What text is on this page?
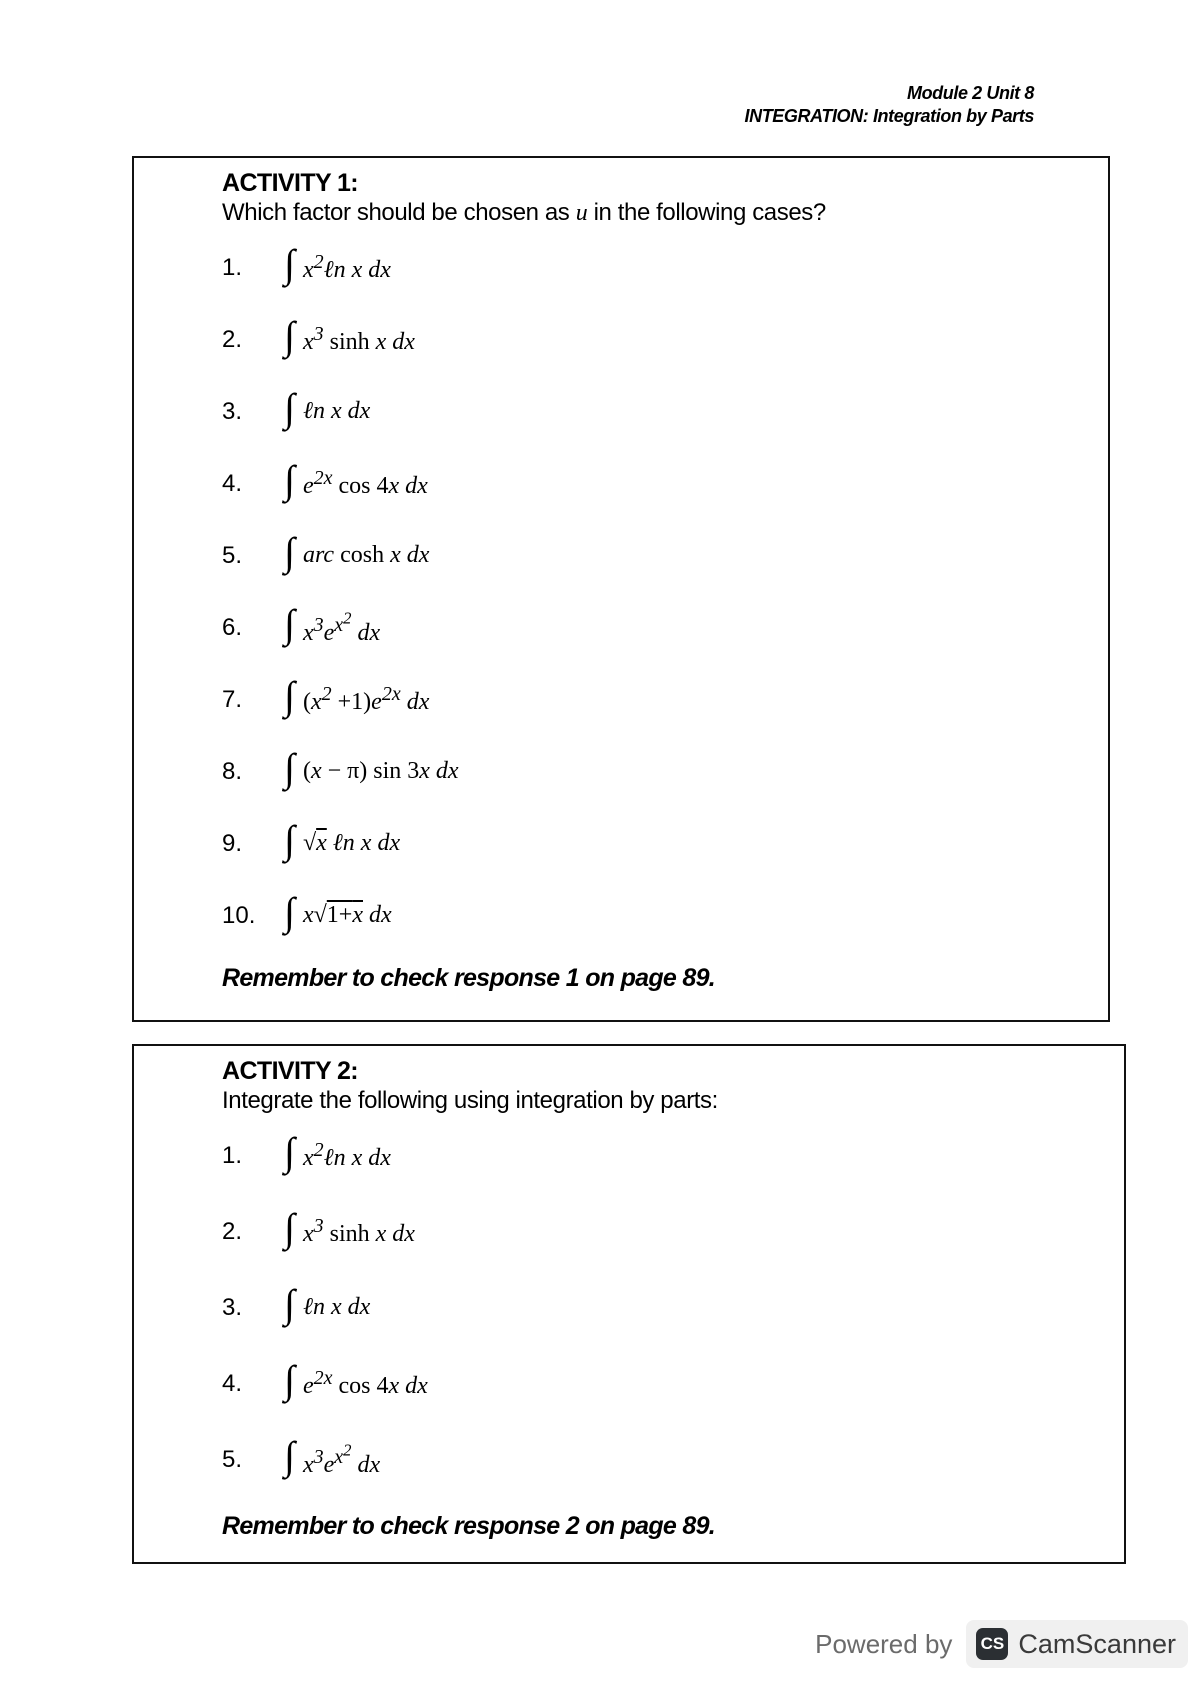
Module 2 Unit 8
INTEGRATION: Integration by Parts
ACTIVITY 1:
Which factor should be chosen as u in the following cases?
1. ∫ $x^2\ell n$ x dx
2. ∫ $x^3$ sinh x dx
3. ∫ ℓn x dx
4. ∫ $e^{2x}$ cos 4x dx
5. ∫ arc cosh x dx
6. ∫ $x^3e^{x^2}$ dx
7. ∫ $(x^2 +1)e^{2x}$ dx
8. ∫ (x − π) sin 3x dx
9. ∫ √x ℓn x dx
10. ∫ x√1+x dx
Remember to check response 1 on page 89.
ACTIVITY 2:
Integrate the following using integration by parts:
1. ∫ $x^2\ell n$ x dx
2. ∫ $x^3$ sinh x dx
3. ∫ ℓn x dx
4. ∫ $e^{2x}$ cos 4x dx
5. ∫ $x^3e^{x^2}$ dx
Remember to check response 2 on page 89.
Powered by CS CamScanner
